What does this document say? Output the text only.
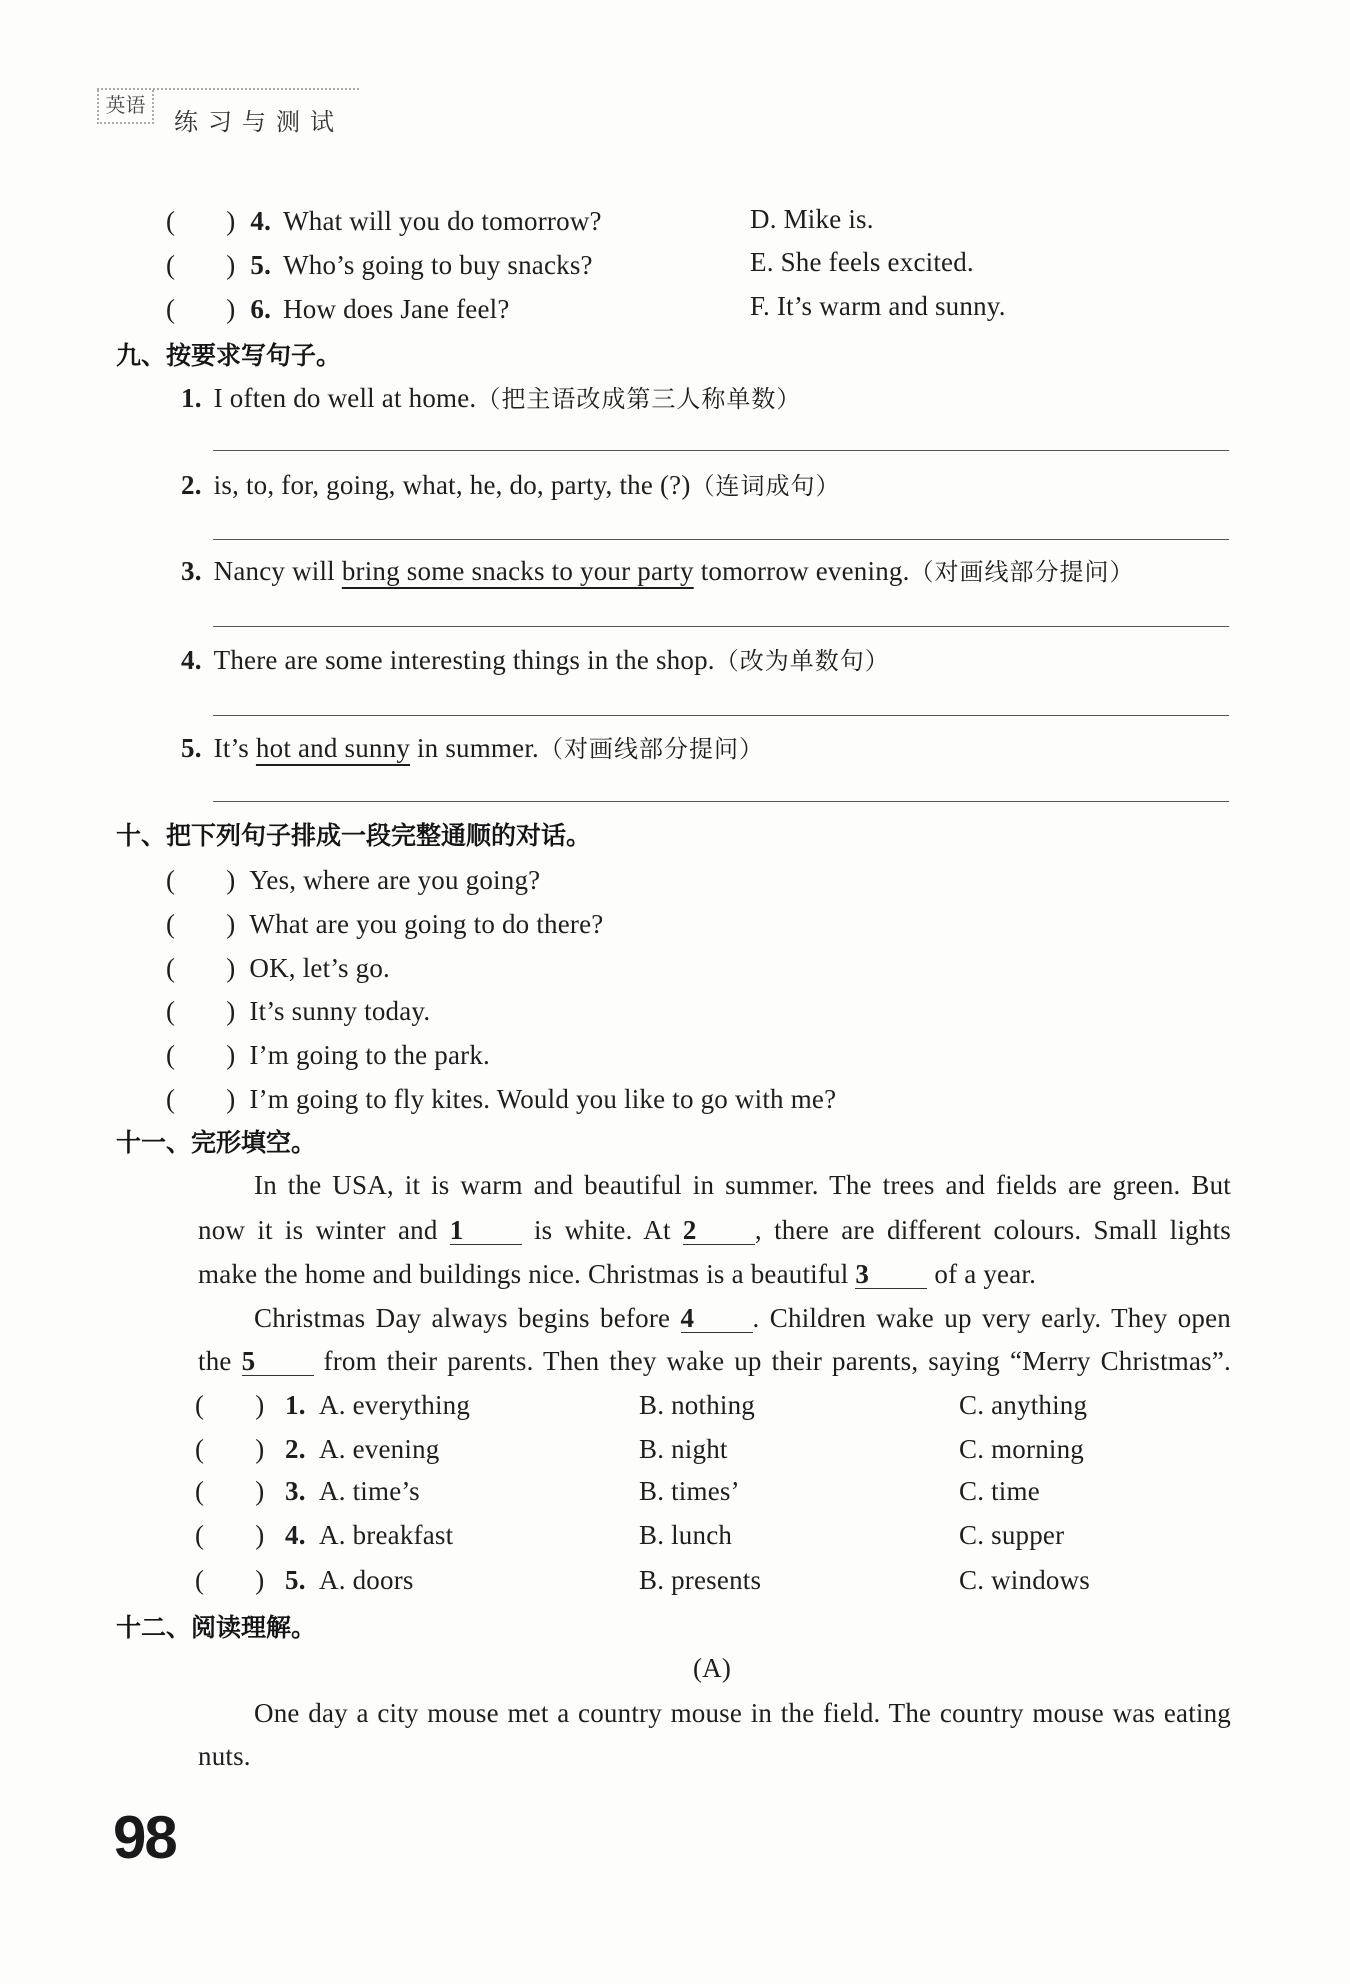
英语
练习与测试
( ) 4. What will you do tomorrow?	D. Mike is.
( ) 5. Who’s going to buy snacks?	E. She feels excited.
( ) 6. How does Jane feel?	F. It’s warm and sunny.
九、按要求写句子。
1. I often do well at home.（把主语改成第三人称单数）
2. is, to, for, going, what, he, do, party, the (?)（连词成句）
3. Nancy will bring some snacks to your party tomorrow evening.（对画线部分提问）
4. There are some interesting things in the shop.（改为单数句）
5. It’s hot and sunny in summer.（对画线部分提问）
十、把下列句子排成一段完整通顺的对话。
( ) Yes, where are you going?
( ) What are you going to do there?
( ) OK, let’s go.
( ) It’s sunny today.
( ) I’m going to the park.
( ) I’m going to fly kites. Would you like to go with me?
十一、完形填空。
In the USA, it is warm and beautiful in summer. The trees and fields are green. But
now it is winter and 1	is white. At 2 , there are different colours. Small lights
make the home and buildings nice. Christmas is a beautiful 3 of a year.
Christmas Day always begins before 4 . Children wake up very early. They open
the 5	from their parents. Then they wake up their parents, saying “Merry Christmas”.
( ) 1. A. everything	B. nothing	C. anything
( ) 2. A. evening	B. night	C. morning
( ) 3. A. time’s	B. times’	C. time
( ) 4. A. breakfast	B. lunch	C. supper
( ) 5. A. doors	B. presents	C. windows
十二、阅读理解。
(A)
One day a city mouse met a country mouse in the field. The country mouse was eating
nuts.
98
